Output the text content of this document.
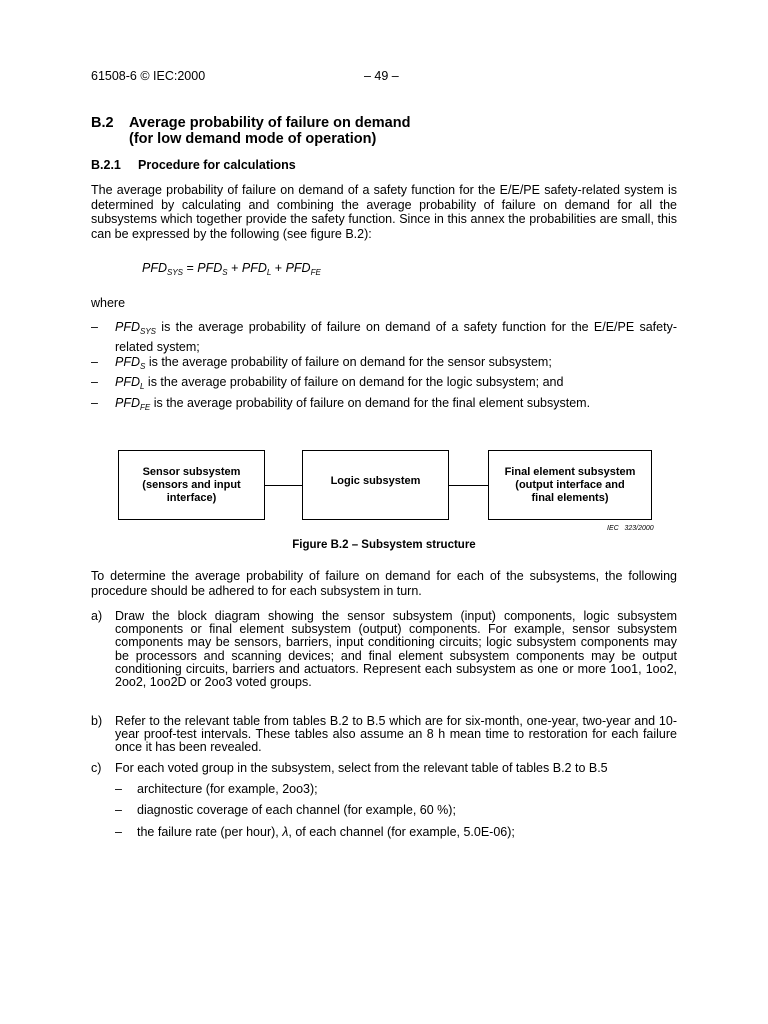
61508-6 © IEC:2000	– 49 –
B.2 Average probability of failure on demand
(for low demand mode of operation)
B.2.1 Procedure for calculations
The average probability of failure on demand of a safety function for the E/E/PE safety-related system is determined by calculating and combining the average probability of failure on demand for all the subsystems which together provide the safety function. Since in this annex the probabilities are small, this can be expressed by the following (see figure B.2):
$PFD_{SYS} = PFD_S + PFD_L + PFD_{FE}$
where
– $PFD_{SYS}$ is the average probability of failure on demand of a safety function for the E/E/PE safety-related system;
– $PFD_S$ is the average probability of failure on demand for the sensor subsystem;
– $PFD_L$ is the average probability of failure on demand for the logic subsystem; and
– $PFD_{FE}$ is the average probability of failure on demand for the final element subsystem.
Sensor subsystem
(sensors and input
interface)
Logic subsystem
Final element subsystem
(output interface and
final elements)
IEC   323/2000
Figure B.2 – Subsystem structure
To determine the average probability of failure on demand for each of the subsystems, the following procedure should be adhered to for each subsystem in turn.
a) Draw the block diagram showing the sensor subsystem (input) components, logic subsystem components or final element subsystem (output) components. For example, sensor subsystem components may be sensors, barriers, input conditioning circuits; logic subsystem components may be processors and scanning devices; and final element subsystem components may be output conditioning circuits, barriers and actuators. Represent each subsystem as one or more 1oo1, 1oo2, 2oo2, 1oo2D or 2oo3 voted groups.
b) Refer to the relevant table from tables B.2 to B.5 which are for six-month, one-year, two-year and 10-year proof-test intervals. These tables also assume an 8 h mean time to restoration for each failure once it has been revealed.
c) For each voted group in the subsystem, select from the relevant table of tables B.2 to B.5
– architecture (for example, 2oo3);
– diagnostic coverage of each channel (for example, 60 %);
– the failure rate (per hour), λ, of each channel (for example, 5.0E-06);
